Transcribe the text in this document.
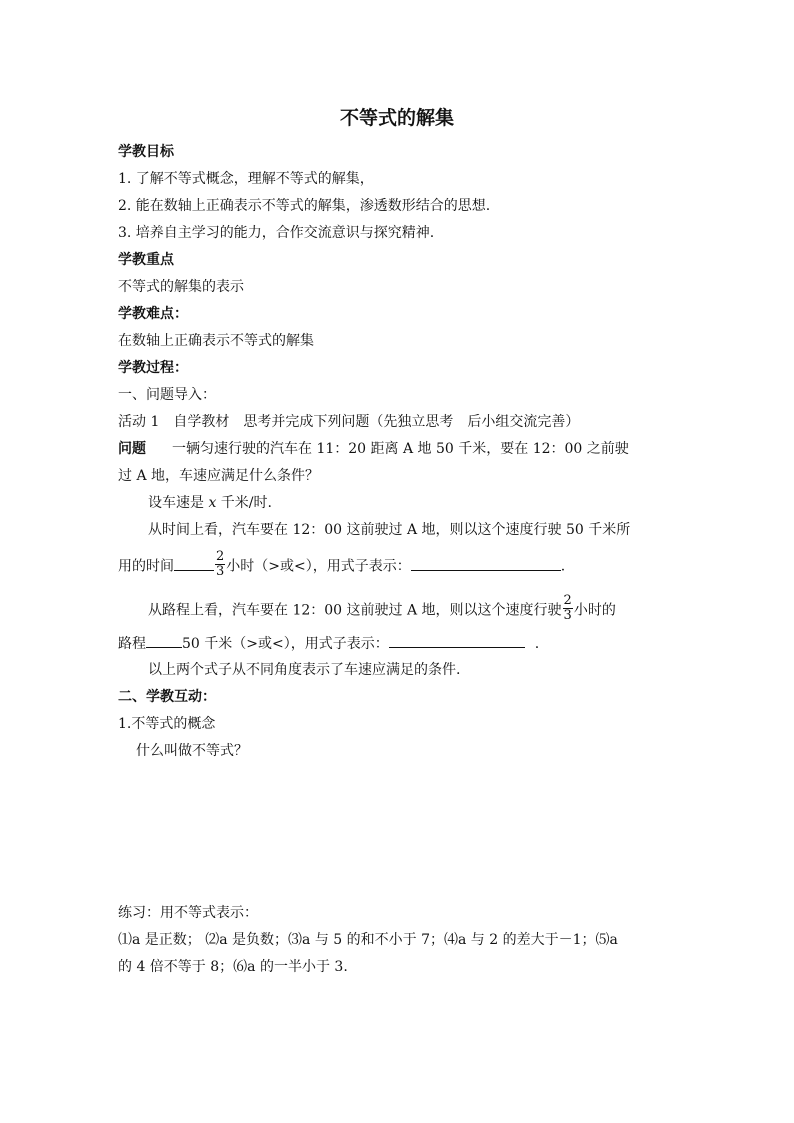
不等式的解集
学教目标
1. 了解不等式概念，理解不等式的解集，
2. 能在数轴上正确表示不等式的解集，渗透数形结合的思想.
3. 培养自主学习的能力，合作交流意识与探究精神.
学教重点
不等式的解集的表示
学教难点：
在数轴上正确表示不等式的解集
学教过程：
一、问题导入：
活动 1　自学教材　思考并完成下列问题（先独立思考　后小组交流完善）
问题 一辆匀速行驶的汽车在 11：20 距离 A 地 50 千米，要在 12：00 之前驶
过 A 地，车速应满足什么条件？
设车速是 x 千米/时.
从时间上看，汽车要在 12：00 这前驶过 A 地，则以这个速度行驶 50 千米所
用的时间	$\frac{2}{3}$ 小时（>或<），用式子表示：	.
从路程上看，汽车要在 12：00 这前驶过 A 地，则以这个速度行驶 $\frac{2}{3}$ 小时的
路程	50 千米（>或<），用式子表示：	.
以上两个式子从不同角度表示了车速应满足的条件.
二、学教互动：
1.不等式的概念
什么叫做不等式？
练习：用不等式表示：
⑴a 是正数； ⑵a 是负数；⑶a 与 5 的和不小于 7；⑷a 与 2 的差大于－1；⑸a
的 4 倍不等于 8；⑹a 的一半小于 3.
